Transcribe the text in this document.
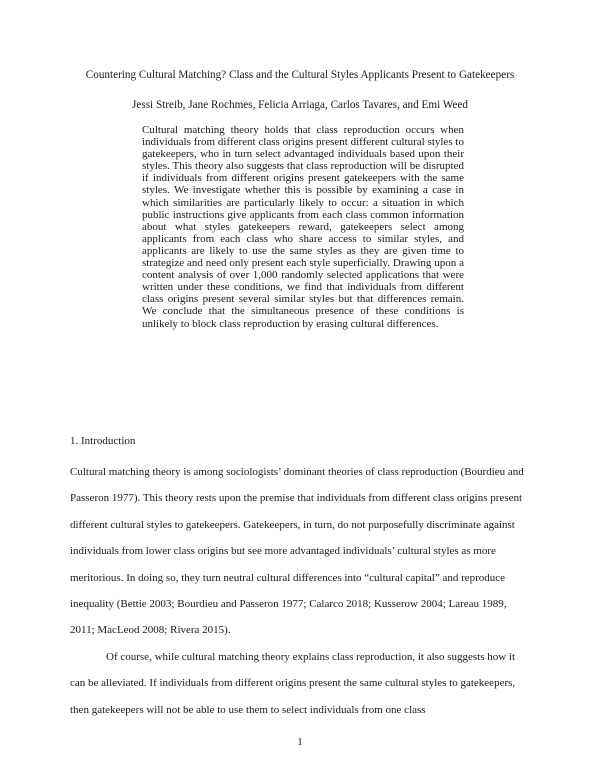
Countering Cultural Matching? Class and the Cultural Styles Applicants Present to Gatekeepers
Jessi Streib, Jane Rochmes, Felicia Arriaga, Carlos Tavares, and Emi Weed

Cultural matching theory holds that class reproduction occurs when individuals from different class origins present different cultural styles to gatekeepers, who in turn select advantaged individuals based upon their styles. This theory also suggests that class reproduction will be disrupted if individuals from different origins present gatekeepers with the same styles. We investigate whether this is possible by examining a case in which similarities are particularly likely to occur: a situation in which public instructions give applicants from each class common information about what styles gatekeepers reward, gatekeepers select among applicants from each class who share access to similar styles, and applicants are likely to use the same styles as they are given time to strategize and need only present each style superficially. Drawing upon a content analysis of over 1,000 randomly selected applications that were written under these conditions, we find that individuals from different class origins present several similar styles but that differences remain. We conclude that the simultaneous presence of these conditions is unlikely to block class reproduction by erasing cultural differences.

1. Introduction

Cultural matching theory is among sociologists’ dominant theories of class reproduction (Bourdieu and Passeron 1977). This theory rests upon the premise that individuals from different class origins present different cultural styles to gatekeepers. Gatekeepers, in turn, do not purposefully discriminate against individuals from lower class origins but see more advantaged individuals’ cultural styles as more meritorious. In doing so, they turn neutral cultural differences into “cultural capital” and reproduce inequality (Bettie 2003; Bourdieu and Passeron 1977; Calarco 2018; Kusserow 2004; Lareau 1989, 2011; MacLeod 2008; Rivera 2015).

Of course, while cultural matching theory explains class reproduction, it also suggests how it can be alleviated. If individuals from different origins present the same cultural styles to gatekeepers, then gatekeepers will not be able to use them to select individuals from one class

1
